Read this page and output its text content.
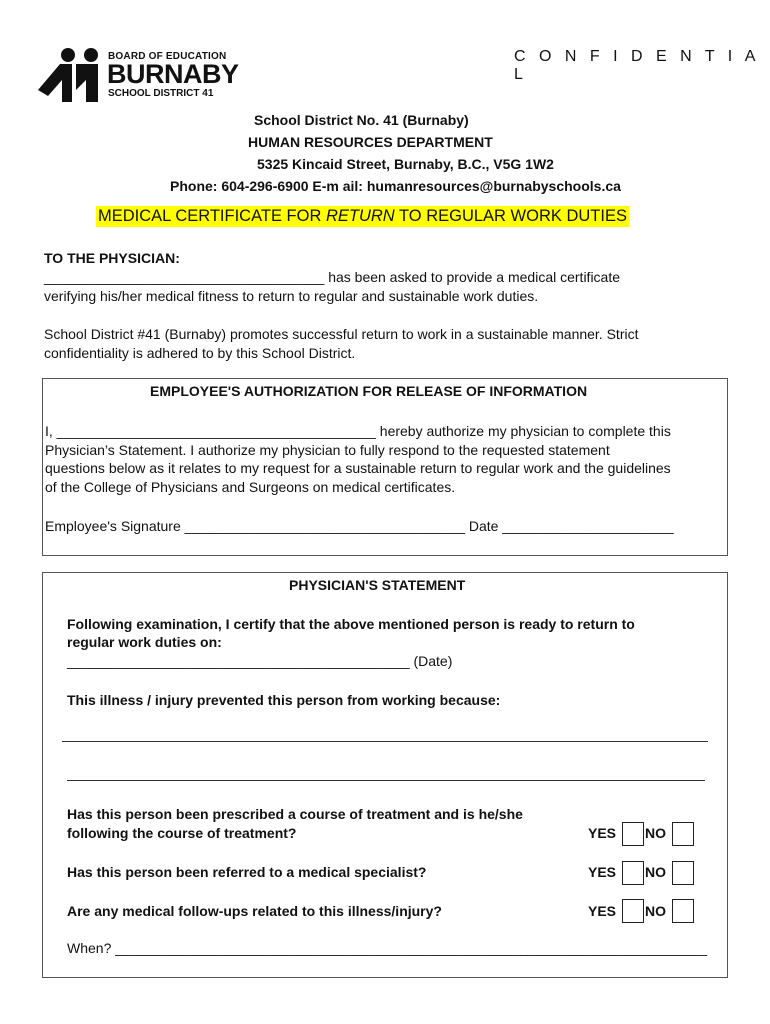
BOARD OF EDUCATION
BURNABY
SCHOOL DISTRICT 41
C O N F I D E N T I A L
School District No. 41 (Burnaby)
HUMAN RESOURCES DEPARTMENT
5325 Kincaid Street, Burnaby, B.C., V5G 1W2
Phone: 604-296-6900 E-m ail: humanresources@burnabyschools.ca
MEDICAL CERTIFICATE FOR RETURN TO REGULAR WORK DUTIES
TO THE PHYSICIAN:
____________________________________ has been asked to provide a medical certificate
verifying his/her medical fitness to return to regular and sustainable work duties.
School District #41 (Burnaby) promotes successful return to work in a sustainable manner. Strict
confidentiality is adhered to by this School District.
EMPLOYEE'S AUTHORIZATION FOR RELEASE OF INFORMATION
I, _________________________________________ hereby authorize my physician to complete this
Physician’s Statement. I authorize my physician to fully respond to the requested statement
questions below as it relates to my request for a sustainable return to regular work and the guidelines
of the College of Physicians and Surgeons on medical certificates.
Employee's Signature ____________________________________ Date ______________________
PHYSICIAN'S STATEMENT
Following examination, I certify that the above mentioned person is ready to return to
regular work duties on:
____________________________________________ (Date)
This illness / injury prevented this person from working because:
Has this person been prescribed a course of treatment and is he/she
following the course of treatment?	YES NO
Has this person been referred to a medical specialist?	YES NO
Are any medical follow-ups related to this illness/injury?	YES NO
When? ____________________________________________________________________________
